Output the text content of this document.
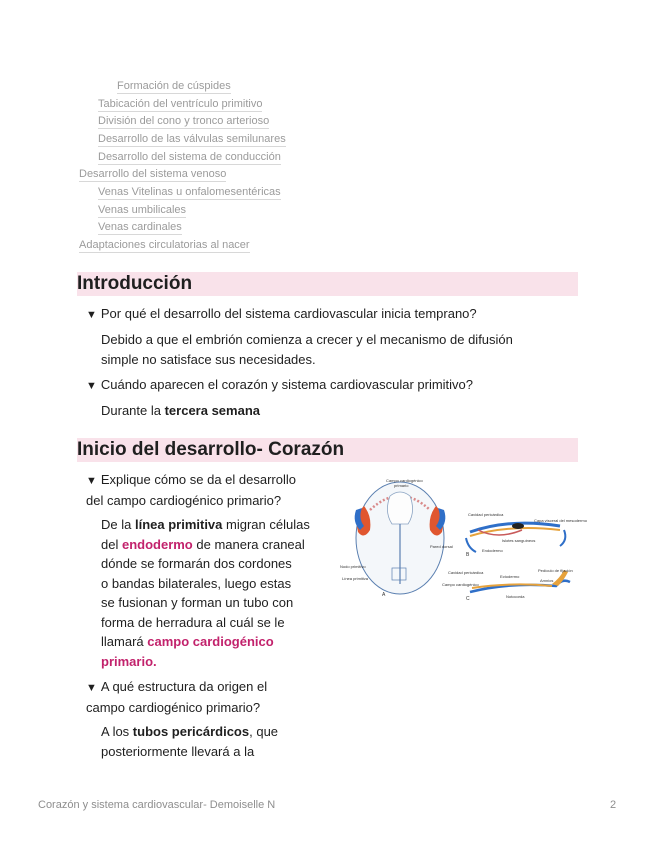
Formación de cúspides
Tabicación del ventrículo primitivo
División del cono y tronco arterioso
Desarrollo de las válvulas semilunares
Desarrollo del sistema de conducción
Desarrollo del sistema venoso
Venas Vitelinas u onfalomesentéricas
Venas umbilicales
Venas cardinales
Adaptaciones circulatorias al nacer
Introducción
▼ Por qué el desarrollo del sistema cardiovascular inicia temprano?
Debido a que el embrión comienza a crecer y el mecanismo de difusión
simple no satisface sus necesidades.
▼ Cuándo aparecen el corazón y sistema cardiovascular primitivo?
Durante la tercera semana
Inicio del desarrollo- Corazón
▼ Explique cómo se da el desarrollo
del campo cardiogénico primario?
De la línea primitiva migran células
del endodermo de manera craneal
dónde se formarán dos cordones
o bandas bilaterales, luego estas
se fusionan y forman un tubo con
forma de herradura al cuál se le
llamará campo cardiogénico
primario.
▼ A qué estructura da origen el
campo cardiogénico primario?
A los tubos pericárdicos, que
posteriormente llevará a la
Campo cardiogénico
primario
Nodo primitivo
Línea primitiva
A
B
Cavidad pericárdica
Capa visceral del mesodermo
Islotes sanguíneos
Endodermo
Pared dorsal
C
Cavidad pericárdica
Campo cardiogénico
Ectodermo
Notocorda
Pedículo de fijación
Amnios
Corazón y sistema cardiovascular- Demoiselle N	2
